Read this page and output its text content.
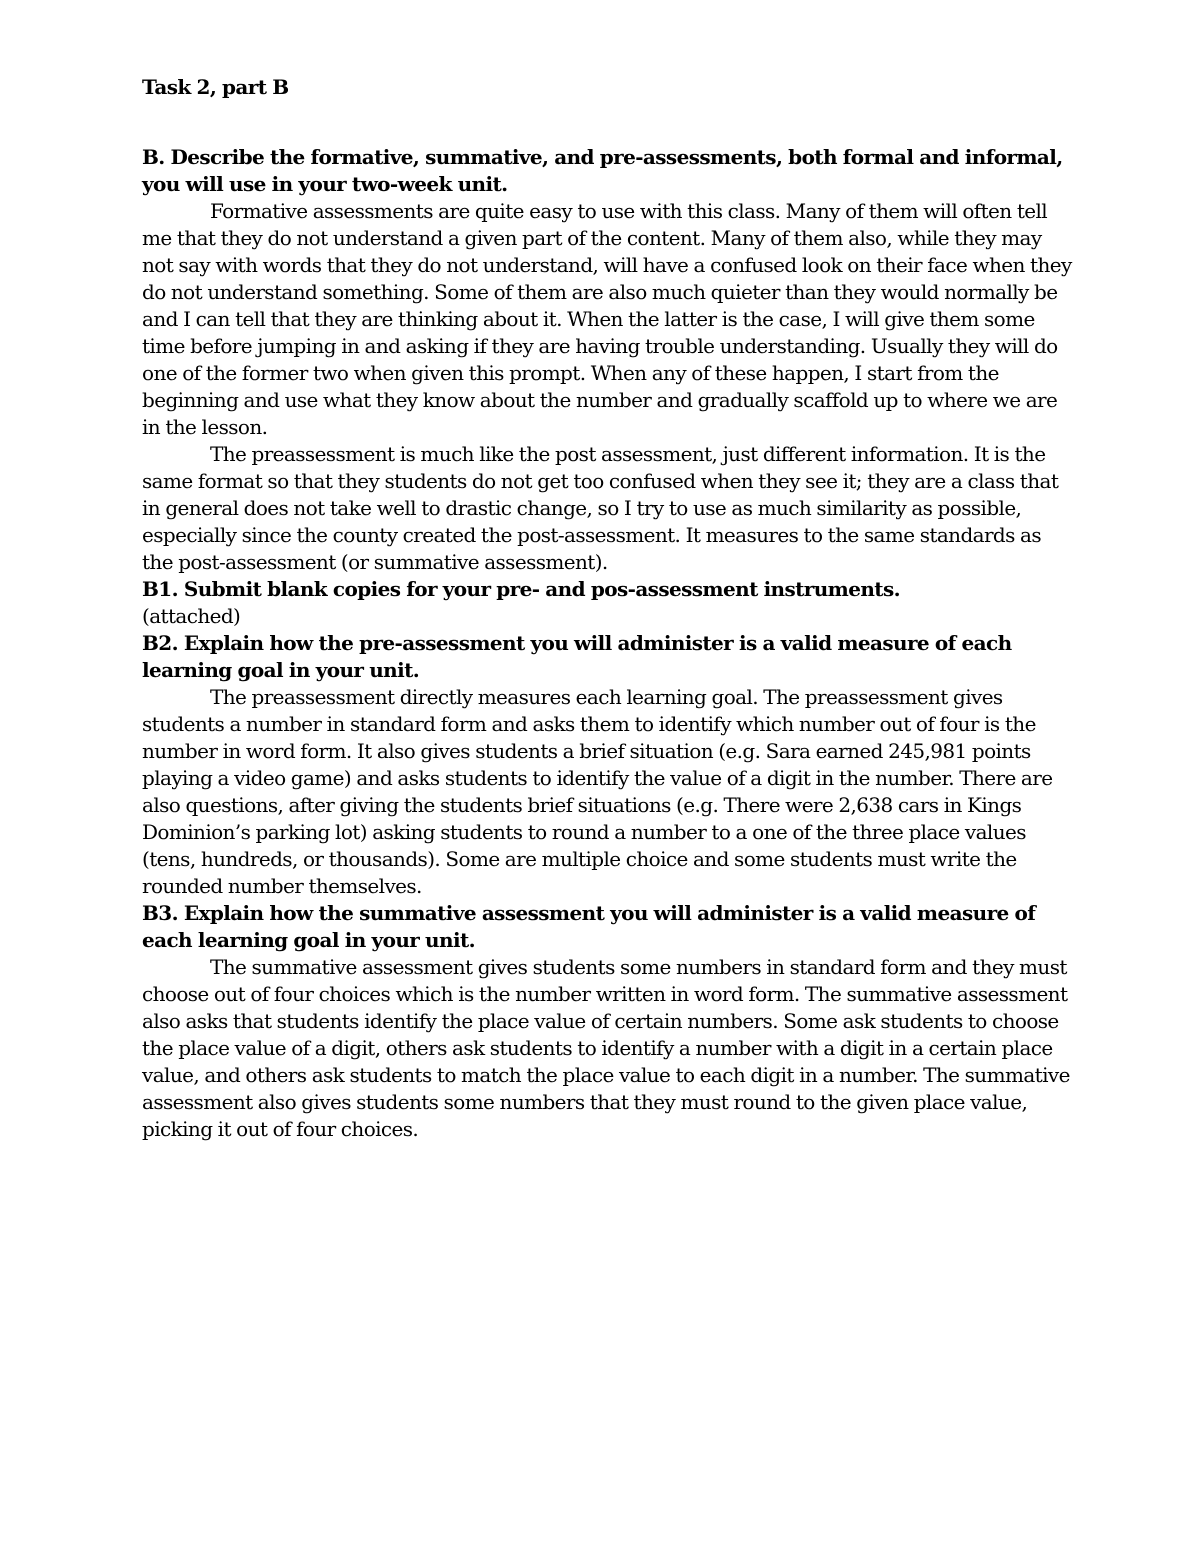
Task 2, part B

B. Describe the formative, summative, and pre-assessments, both formal and informal, you will use in your two-week unit.

Formative assessments are quite easy to use with this class. Many of them will often tell me that they do not understand a given part of the content. Many of them also, while they may not say with words that they do not understand, will have a confused look on their face when they do not understand something. Some of them are also much quieter than they would normally be and I can tell that they are thinking about it. When the latter is the case, I will give them some time before jumping in and asking if they are having trouble understanding. Usually they will do one of the former two when given this prompt. When any of these happen, I start from the beginning and use what they know about the number and gradually scaffold up to where we are in the lesson.

The preassessment is much like the post assessment, just different information. It is the same format so that they students do not get too confused when they see it; they are a class that in general does not take well to drastic change, so I try to use as much similarity as possible, especially since the county created the post-assessment. It measures to the same standards as the post-assessment (or summative assessment).

B1. Submit blank copies for your pre- and pos-assessment instruments.

(attached)

B2. Explain how the pre-assessment you will administer is a valid measure of each learning goal in your unit.

The preassessment directly measures each learning goal. The preassessment gives students a number in standard form and asks them to identify which number out of four is the number in word form. It also gives students a brief situation (e.g. Sara earned 245,981 points playing a video game) and asks students to identify the value of a digit in the number. There are also questions, after giving the students brief situations (e.g. There were 2,638 cars in Kings Dominion’s parking lot) asking students to round a number to a one of the three place values (tens, hundreds, or thousands). Some are multiple choice and some students must write the rounded number themselves.

B3. Explain how the summative assessment you will administer is a valid measure of each learning goal in your unit.

The summative assessment gives students some numbers in standard form and they must choose out of four choices which is the number written in word form. The summative assessment also asks that students identify the place value of certain numbers. Some ask students to choose the place value of a digit, others ask students to identify a number with a digit in a certain place value, and others ask students to match the place value to each digit in a number. The summative assessment also gives students some numbers that they must round to the given place value, picking it out of four choices.
